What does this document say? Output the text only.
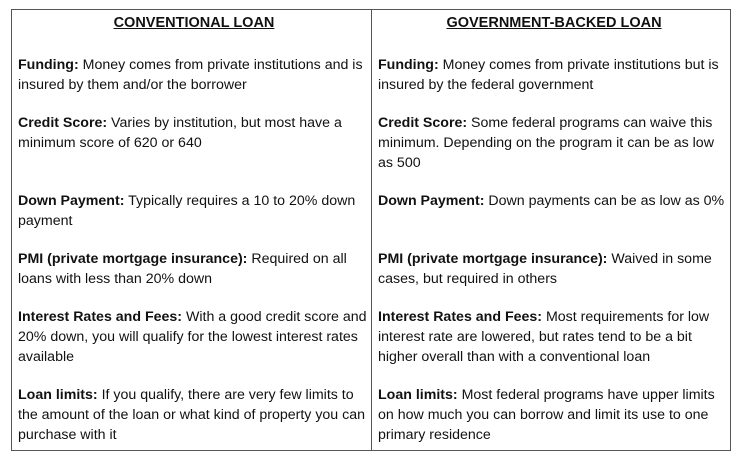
CONVENTIONAL LOAN
Funding: Money comes from private institutions and is insured by them and/or the borrower
Credit Score: Varies by institution, but most have a minimum score of 620 or 640
Down Payment: Typically requires a 10 to 20% down payment
PMI (private mortgage insurance): Required on all loans with less than 20% down
Interest Rates and Fees: With a good credit score and 20% down, you will qualify for the lowest interest rates available
Loan limits: If you qualify, there are very few limits to the amount of the loan or what kind of property you can purchase with it
GOVERNMENT-BACKED LOAN
Funding: Money comes from private institutions but is insured by the federal government
Credit Score: Some federal programs can waive this minimum. Depending on the program it can be as low as 500
Down Payment: Down payments can be as low as 0%
PMI (private mortgage insurance): Waived in some cases, but required in others
Interest Rates and Fees: Most requirements for low interest rate are lowered, but rates tend to be a bit higher overall than with a conventional loan
Loan limits: Most federal programs have upper limits on how much you can borrow and limit its use to one primary residence
